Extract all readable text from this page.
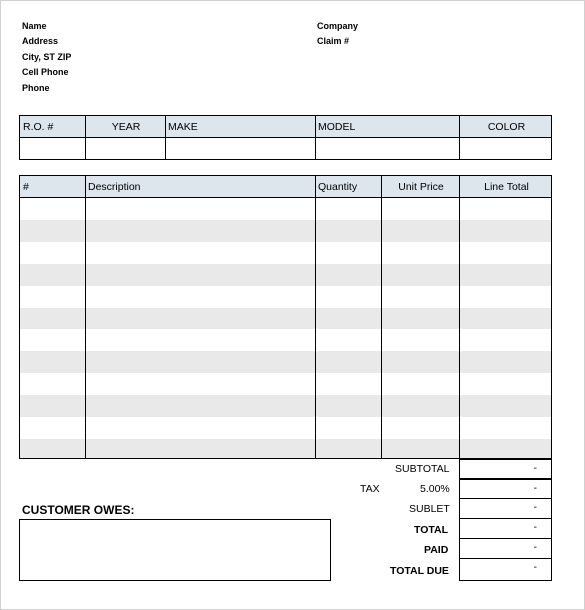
Name
Address
City, ST ZIP
Cell Phone
Phone
Company
Claim #
R.O. #	YEAR	MAKE	MODEL	COLOR
#	Description	Quantity	Unit Price	Line Total
SUBTOTAL	-
TAX	5.00%	-
SUBLET	-
TOTAL	-
PAID	-
TOTAL DUE	-
CUSTOMER OWES:
